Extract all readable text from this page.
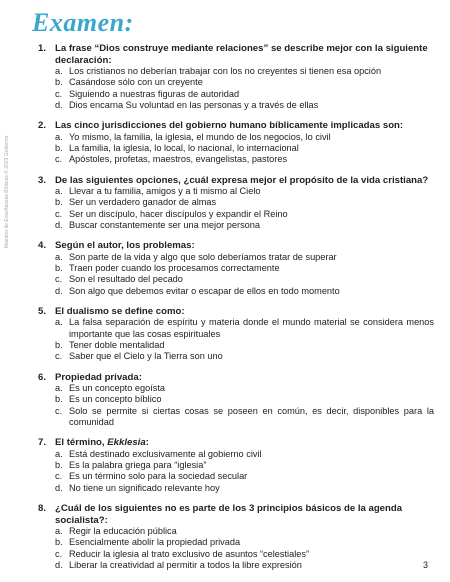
Examen:
Maestro de Enseñanzas Bíblicas © 2023 Gobierno
1. La frase “Dios construye mediante relaciones” se describe mejor con la siguiente declaración:
a. Los cristianos no deberían trabajar con los no creyentes si tienen esa opción
b. Casándose sólo con un creyente
c. Siguiendo a nuestras figuras de autoridad
d. Dios encarna Su voluntad en las personas y a través de ellas
2. Las cinco jurisdicciones del gobierno humano bíblicamente implicadas son:
a. Yo mismo, la familia, la iglesia, el mundo de los negocios, lo civil
b. La familia, la iglesia, lo local, lo nacional, lo internacional
c. Apóstoles, profetas, maestros, evangelistas, pastores
3. De las siguientes opciones, ¿cuál expresa mejor el propósito de la vida cristiana?
a. Llevar a tu familia, amigos y a ti mismo al Cielo
b. Ser un verdadero ganador de almas
c. Ser un discípulo, hacer discípulos y expandir el Reino
d. Buscar constantemente ser una mejor persona
4. Según el autor, los problemas:
a. Son parte de la vida y algo que solo deberíamos tratar de superar
b. Traen poder cuando los procesamos correctamente
c. Son el resultado del pecado
d. Son algo que debemos evitar o escapar de ellos en todo momento
5. El dualismo se define como:
a. La falsa separación de espíritu y materia donde el mundo material se considera menos importante que las cosas espirituales
b. Tener doble mentalidad
c. Saber que el Cielo y la Tierra son uno
6. Propiedad privada:
a. Es un concepto egoísta
b. Es un concepto bíblico
c. Solo se permite si ciertas cosas se poseen en común, es decir, disponibles para la comunidad
7. El término, Ekklesia:
a. Está destinado exclusivamente al gobierno civil
b. Es la palabra griega para “iglesia”
c. Es un término solo para la sociedad secular
d. No tiene un significado relevante hoy
8. ¿Cuál de los siguientes no es parte de los 3 principios básicos de la agenda socialista?:
a. Regir la educación pública
b. Esencialmente abolir la propiedad privada
c. Reducir la iglesia al trato exclusivo de asuntos “celestiales”
d. Liberar la creatividad al permitir a todos la libre expresión	3
